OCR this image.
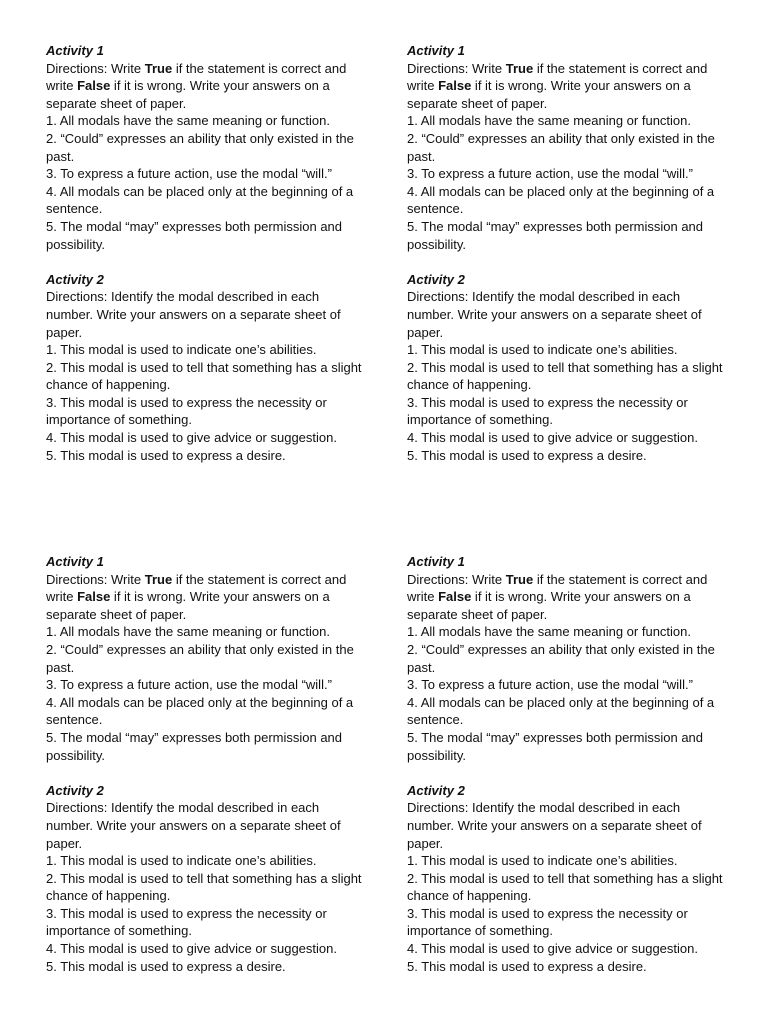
Activity 1

Directions: Write True if the statement is correct and write False if it is wrong. Write your answers on a separate sheet of paper.

1. All modals have the same meaning or function.

2. “Could” expresses an ability that only existed in the past.

3. To express a future action, use the modal “will.”

4. All modals can be placed only at the beginning of a sentence.

5. The modal “may” expresses both permission and possibility.

Activity 2

Directions: Identify the modal described in each number. Write your answers on a separate sheet of paper.

1. This modal is used to indicate one’s abilities.

2. This modal is used to tell that something has a slight chance of happening.

3. This modal is used to express the necessity or importance of something.

4. This modal is used to give advice or suggestion.

5. This modal is used to express a desire.

Activity 1

Directions: Write True if the statement is correct and write False if it is wrong. Write your answers on a separate sheet of paper.

1. All modals have the same meaning or function.

2. “Could” expresses an ability that only existed in the past.

3. To express a future action, use the modal “will.”

4. All modals can be placed only at the beginning of a sentence.

5. The modal “may” expresses both permission and possibility.

Activity 2

Directions: Identify the modal described in each number. Write your answers on a separate sheet of paper.

1. This modal is used to indicate one’s abilities.

2. This modal is used to tell that something has a slight chance of happening.

3. This modal is used to express the necessity or importance of something.

4. This modal is used to give advice or suggestion.

5. This modal is used to express a desire.

Activity 1

Directions: Write True if the statement is correct and write False if it is wrong. Write your answers on a separate sheet of paper.

1. All modals have the same meaning or function.

2. “Could” expresses an ability that only existed in the past.

3. To express a future action, use the modal “will.”

4. All modals can be placed only at the beginning of a sentence.

5. The modal “may” expresses both permission and possibility.

Activity 2

Directions: Identify the modal described in each number. Write your answers on a separate sheet of paper.

1. This modal is used to indicate one’s abilities.

2. This modal is used to tell that something has a slight chance of happening.

3. This modal is used to express the necessity or importance of something.

4. This modal is used to give advice or suggestion.

5. This modal is used to express a desire.

Activity 1

Directions: Write True if the statement is correct and write False if it is wrong. Write your answers on a separate sheet of paper.

1. All modals have the same meaning or function.

2. “Could” expresses an ability that only existed in the past.

3. To express a future action, use the modal “will.”

4. All modals can be placed only at the beginning of a sentence.

5. The modal “may” expresses both permission and possibility.

Activity 2

Directions: Identify the modal described in each number. Write your answers on a separate sheet of paper.

1. This modal is used to indicate one’s abilities.

2. This modal is used to tell that something has a slight chance of happening.

3. This modal is used to express the necessity or importance of something.

4. This modal is used to give advice or suggestion.

5. This modal is used to express a desire.
